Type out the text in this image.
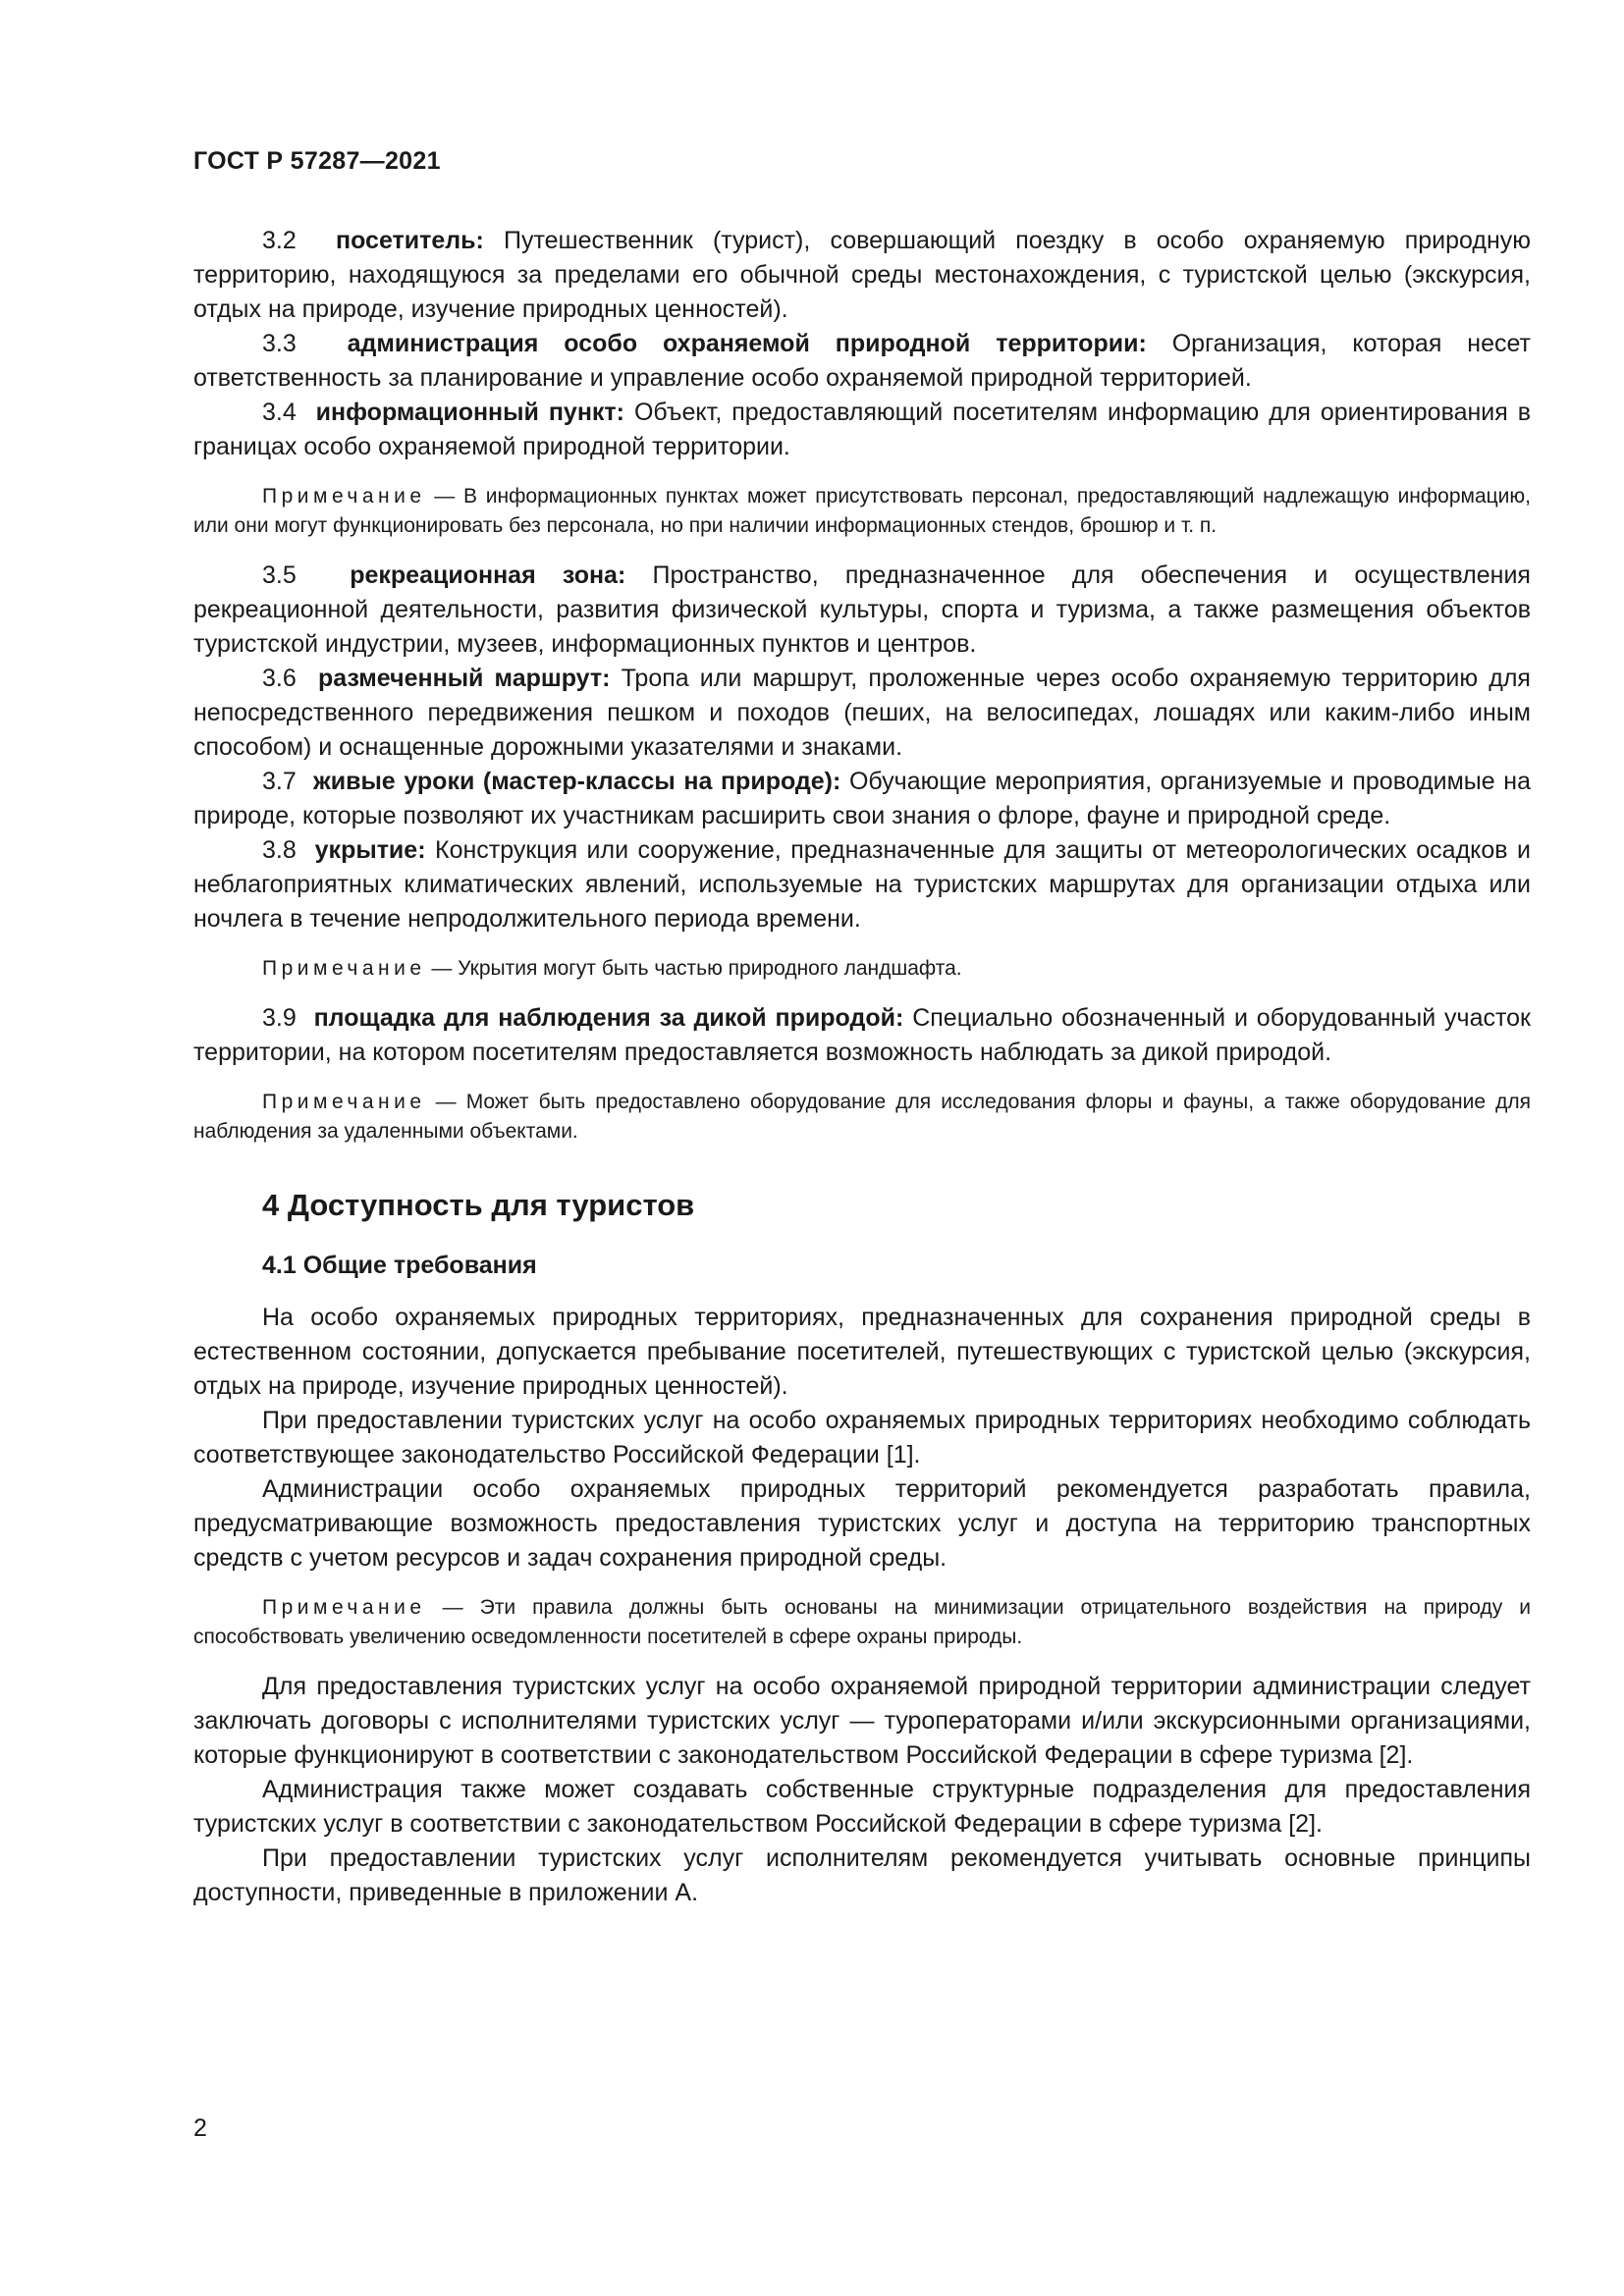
ГОСТ Р 57287—2021

3.2 посетитель: Путешественник (турист), совершающий поездку в особо охраняемую природную территорию, находящуюся за пределами его обычной среды местонахождения, с туристской целью (экскурсия, отдых на природе, изучение природных ценностей).

3.3 администрация особо охраняемой природной территории: Организация, которая несет ответственность за планирование и управление особо охраняемой природной территорией.

3.4 информационный пункт: Объект, предоставляющий посетителям информацию для ориентирования в границах особо охраняемой природной территории.

Примечание — В информационных пунктах может присутствовать персонал, предоставляющий надлежащую информацию, или они могут функционировать без персонала, но при наличии информационных стендов, брошюр и т. п.

3.5 рекреационная зона: Пространство, предназначенное для обеспечения и осуществления рекреационной деятельности, развития физической культуры, спорта и туризма, а также размещения объектов туристской индустрии, музеев, информационных пунктов и центров.

3.6 размеченный маршрут: Тропа или маршрут, проложенные через особо охраняемую территорию для непосредственного передвижения пешком и походов (пеших, на велосипедах, лошадях или каким-либо иным способом) и оснащенные дорожными указателями и знаками.

3.7 живые уроки (мастер-классы на природе): Обучающие мероприятия, организуемые и проводимые на природе, которые позволяют их участникам расширить свои знания о флоре, фауне и природной среде.

3.8 укрытие: Конструкция или сооружение, предназначенные для защиты от метеорологических осадков и неблагоприятных климатических явлений, используемые на туристских маршрутах для организации отдыха или ночлега в течение непродолжительного периода времени.

Примечание — Укрытия могут быть частью природного ландшафта.

3.9 площадка для наблюдения за дикой природой: Специально обозначенный и оборудованный участок территории, на котором посетителям предоставляется возможность наблюдать за дикой природой.

Примечание — Может быть предоставлено оборудование для исследования флоры и фауны, а также оборудование для наблюдения за удаленными объектами.

4 Доступность для туристов
4.1 Общие требования

На особо охраняемых природных территориях, предназначенных для сохранения природной среды в естественном состоянии, допускается пребывание посетителей, путешествующих с туристской целью (экскурсия, отдых на природе, изучение природных ценностей).

При предоставлении туристских услуг на особо охраняемых природных территориях необходимо соблюдать соответствующее законодательство Российской Федерации [1].

Администрации особо охраняемых природных территорий рекомендуется разработать правила, предусматривающие возможность предоставления туристских услуг и доступа на территорию транспортных средств с учетом ресурсов и задач сохранения природной среды.

Примечание — Эти правила должны быть основаны на минимизации отрицательного воздействия на природу и способствовать увеличению осведомленности посетителей в сфере охраны природы.

Для предоставления туристских услуг на особо охраняемой природной территории администрации следует заключать договоры с исполнителями туристских услуг — туроператорами и/или экскурсионными организациями, которые функционируют в соответствии с законодательством Российской Федерации в сфере туризма [2].

Администрация также может создавать собственные структурные подразделения для предоставления туристских услуг в соответствии с законодательством Российской Федерации в сфере туризма [2].

При предоставлении туристских услуг исполнителям рекомендуется учитывать основные принципы доступности, приведенные в приложении А.

2
